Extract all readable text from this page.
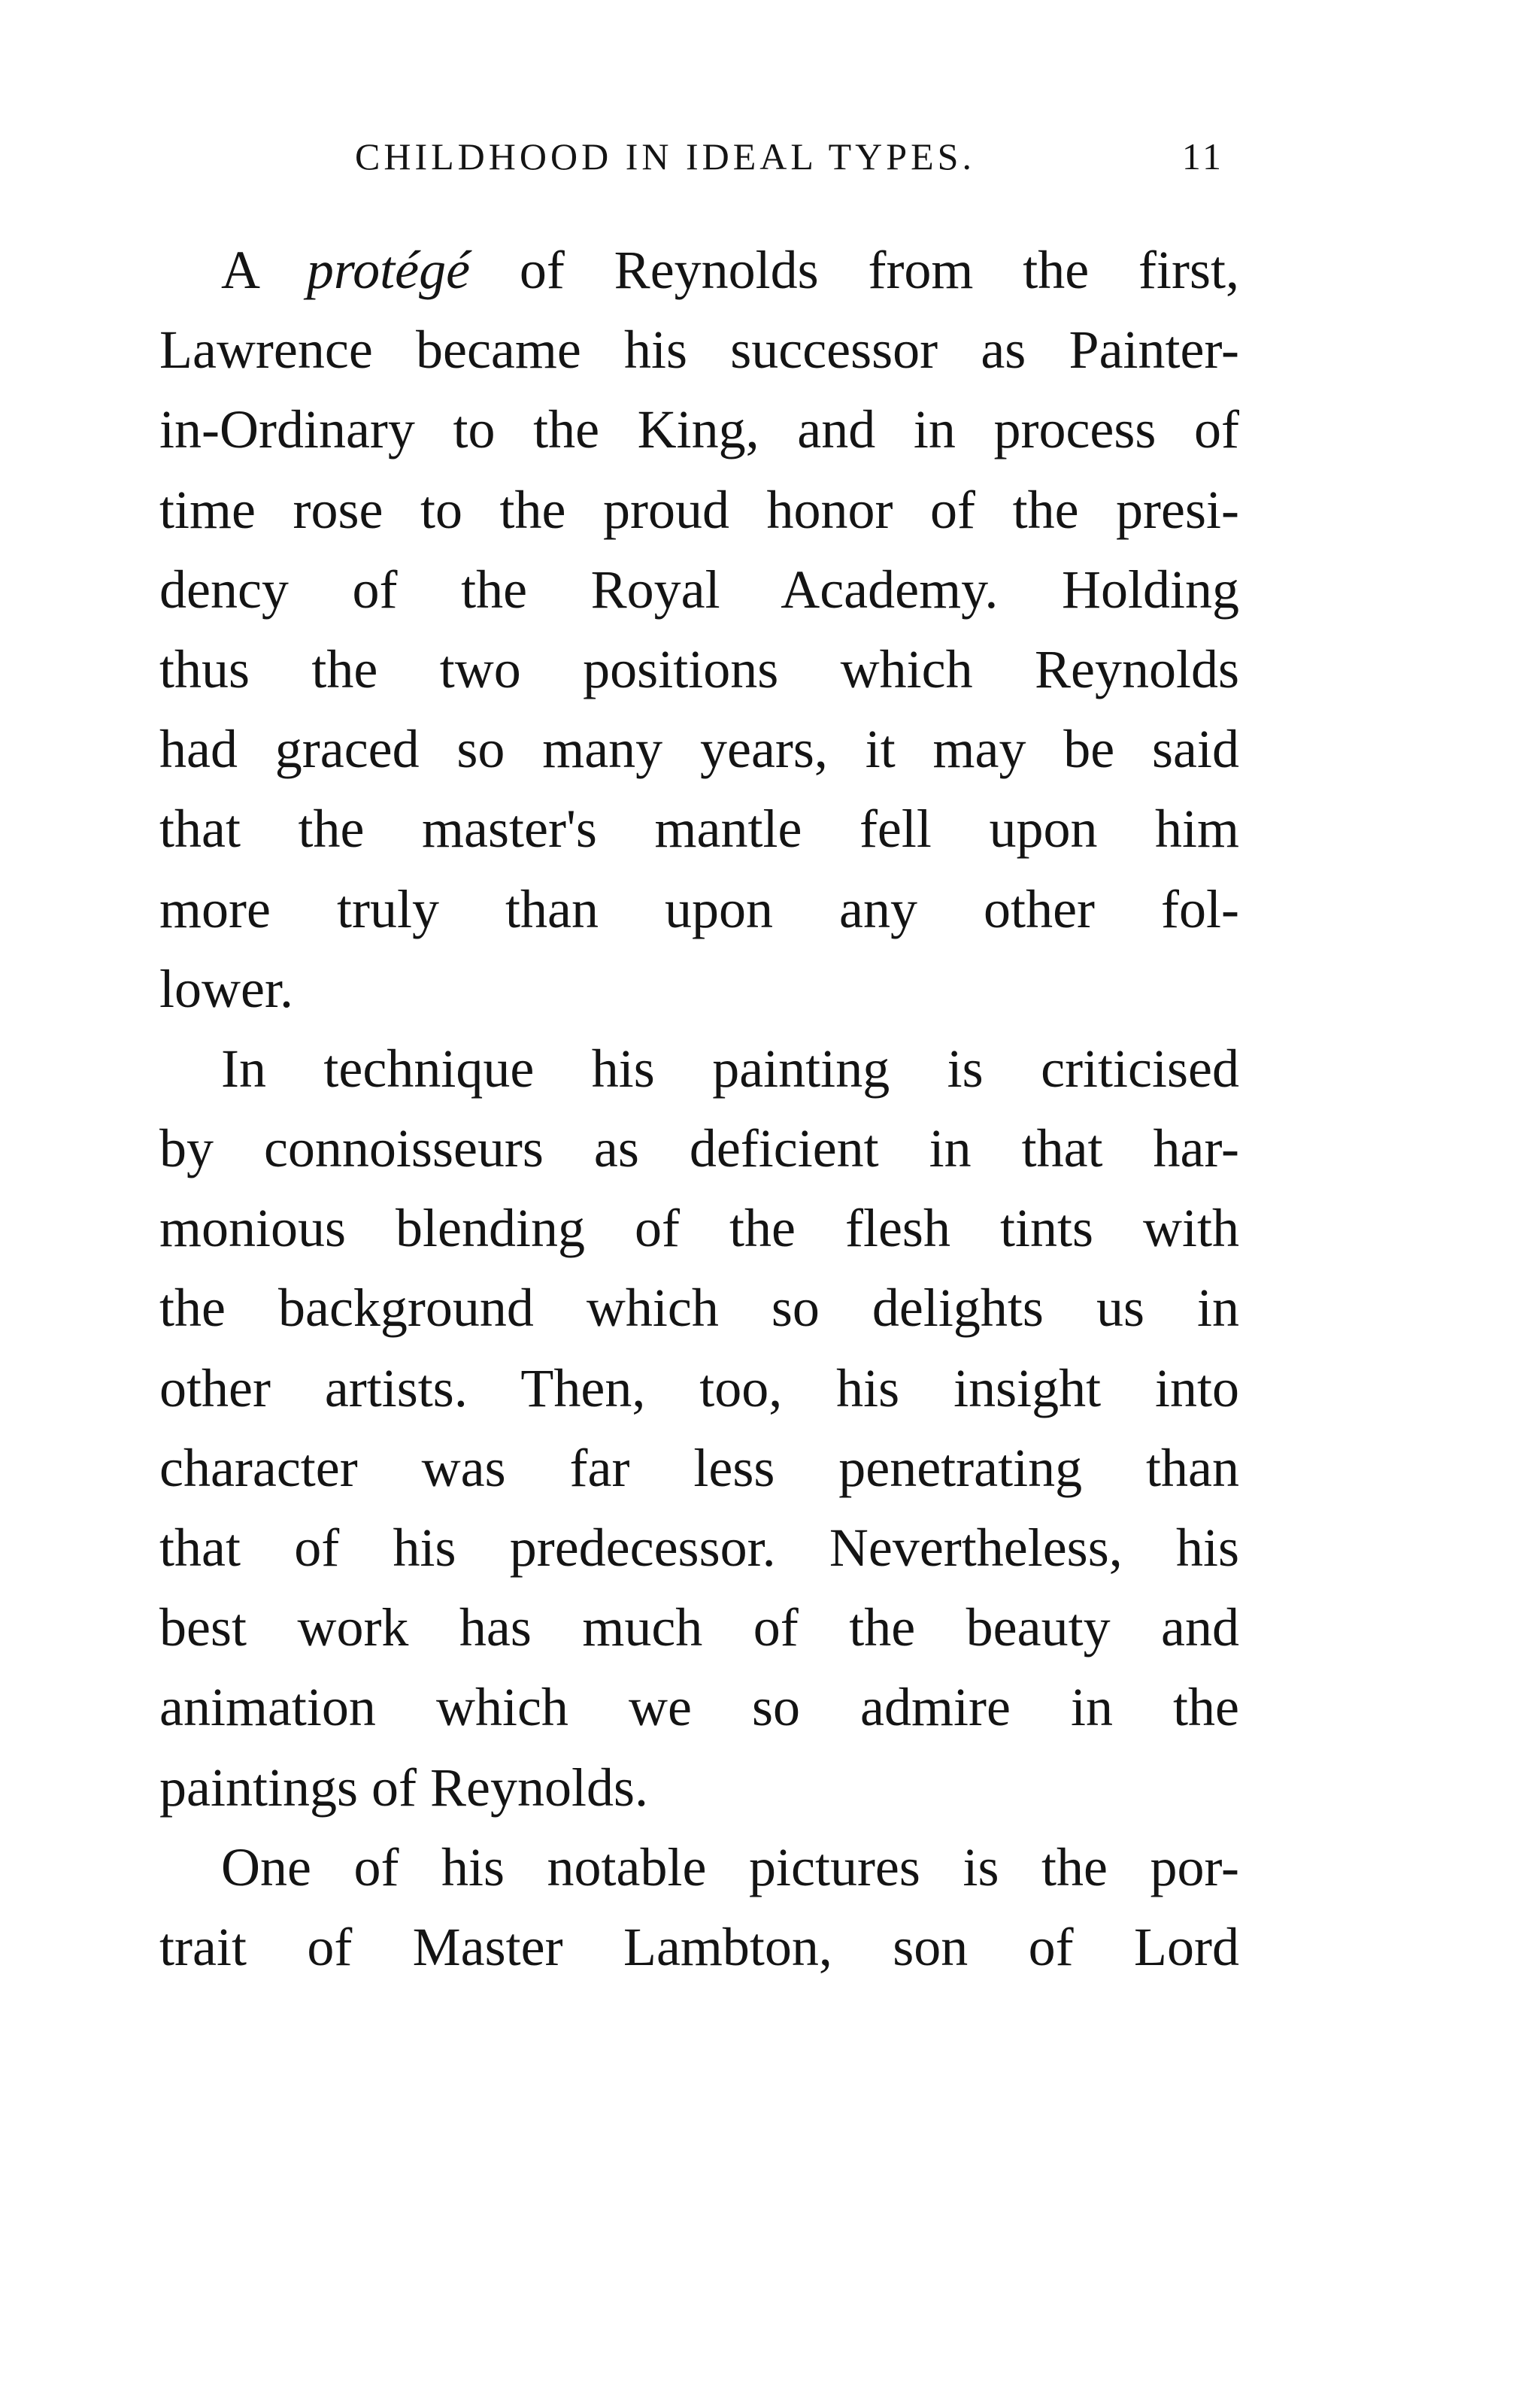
CHILDHOOD IN IDEAL TYPES.	11
A protégé of Reynolds from the first,
Lawrence became his successor as Painter-
in-Ordinary to the King, and in process of
time rose to the proud honor of the presi-
dency of the Royal Academy. Holding
thus the two positions which Reynolds
had graced so many years, it may be said
that the master's mantle fell upon him
more truly than upon any other fol-
lower.
In technique his painting is criticised
by connoisseurs as deficient in that har-
monious blending of the flesh tints with
the background which so delights us in
other artists. Then, too, his insight into
character was far less penetrating than
that of his predecessor. Nevertheless, his
best work has much of the beauty and
animation which we so admire in the
paintings of Reynolds.
One of his notable pictures is the por-
trait of Master Lambton, son of Lord
